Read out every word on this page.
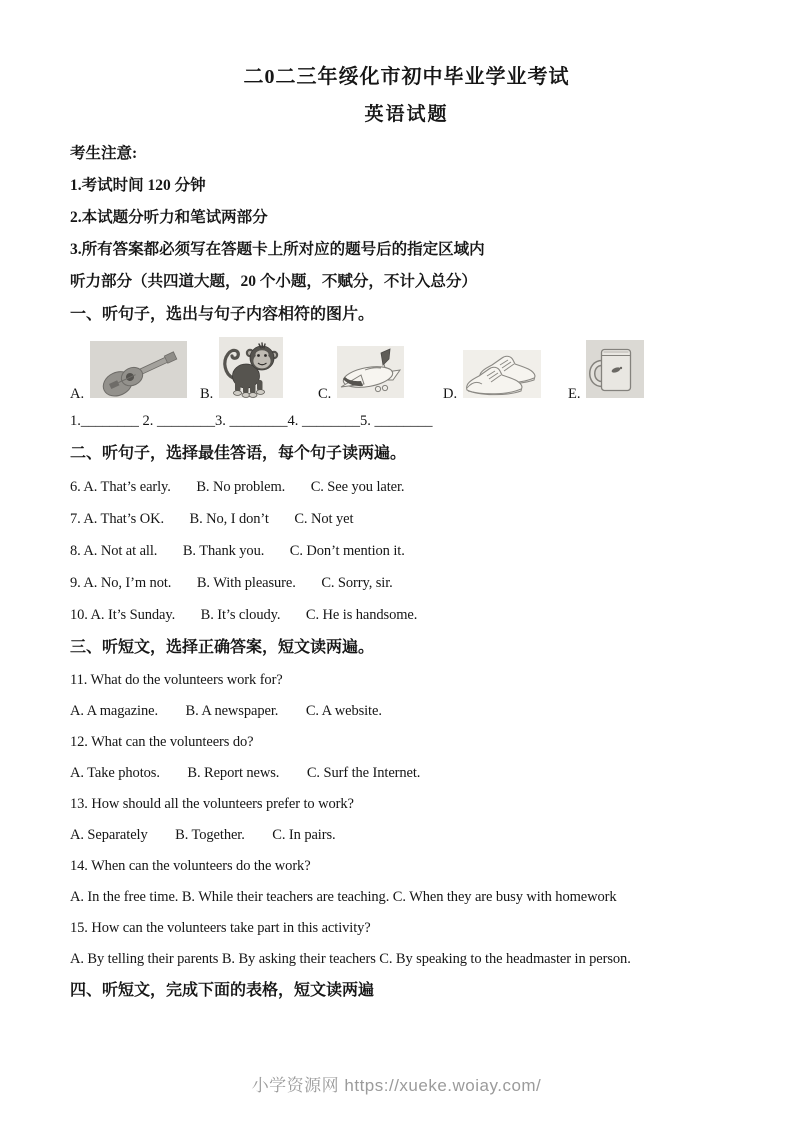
二0二三年绥化市初中毕业学业考试
英语试题

考生注意:

1.考试时间 120 分钟

2.本试题分听力和笔试两部分

3.所有答案都必须写在答题卡上所对应的题号后的指定区域内

听力部分（共四道大题，20 个小题，不赋分，不计入总分）

一、听句子，选出与句子内容相符的图片。

A.	B.	C.	D.	E.

1.________ 2. ________3. ________4. ________5. ________

二、听句子，选择最佳答语，每个句子读两遍。

6. A. That’s early. B. No problem. C. See you later.

7. A. That’s OK. B. No, I don’t C. Not yet

8. A. Not at all. B. Thank you. C. Don’t mention it.

9. A. No, I’m not. B. With pleasure. C. Sorry, sir.

10. A. It’s Sunday. B. It’s cloudy. C. He is handsome.

三、听短文，选择正确答案，短文读两遍。

11. What do the volunteers work for?

A. A magazine. B. A newspaper. C. A website.

12. What can the volunteers do?

A. Take photos. B. Report news. C. Surf the Internet.

13. How should all the volunteers prefer to work?

A. Separately B. Together. C. In pairs.

14. When can the volunteers do the work?

A. In the free time. B. While their teachers are teaching. C. When they are busy with homework

15. How can the volunteers take part in this activity?

A. By telling their parents B. By asking their teachers C. By speaking to the headmaster in person.

四、听短文，完成下面的表格，短文读两遍

小学资源网 https://xueke.woiay.com/
